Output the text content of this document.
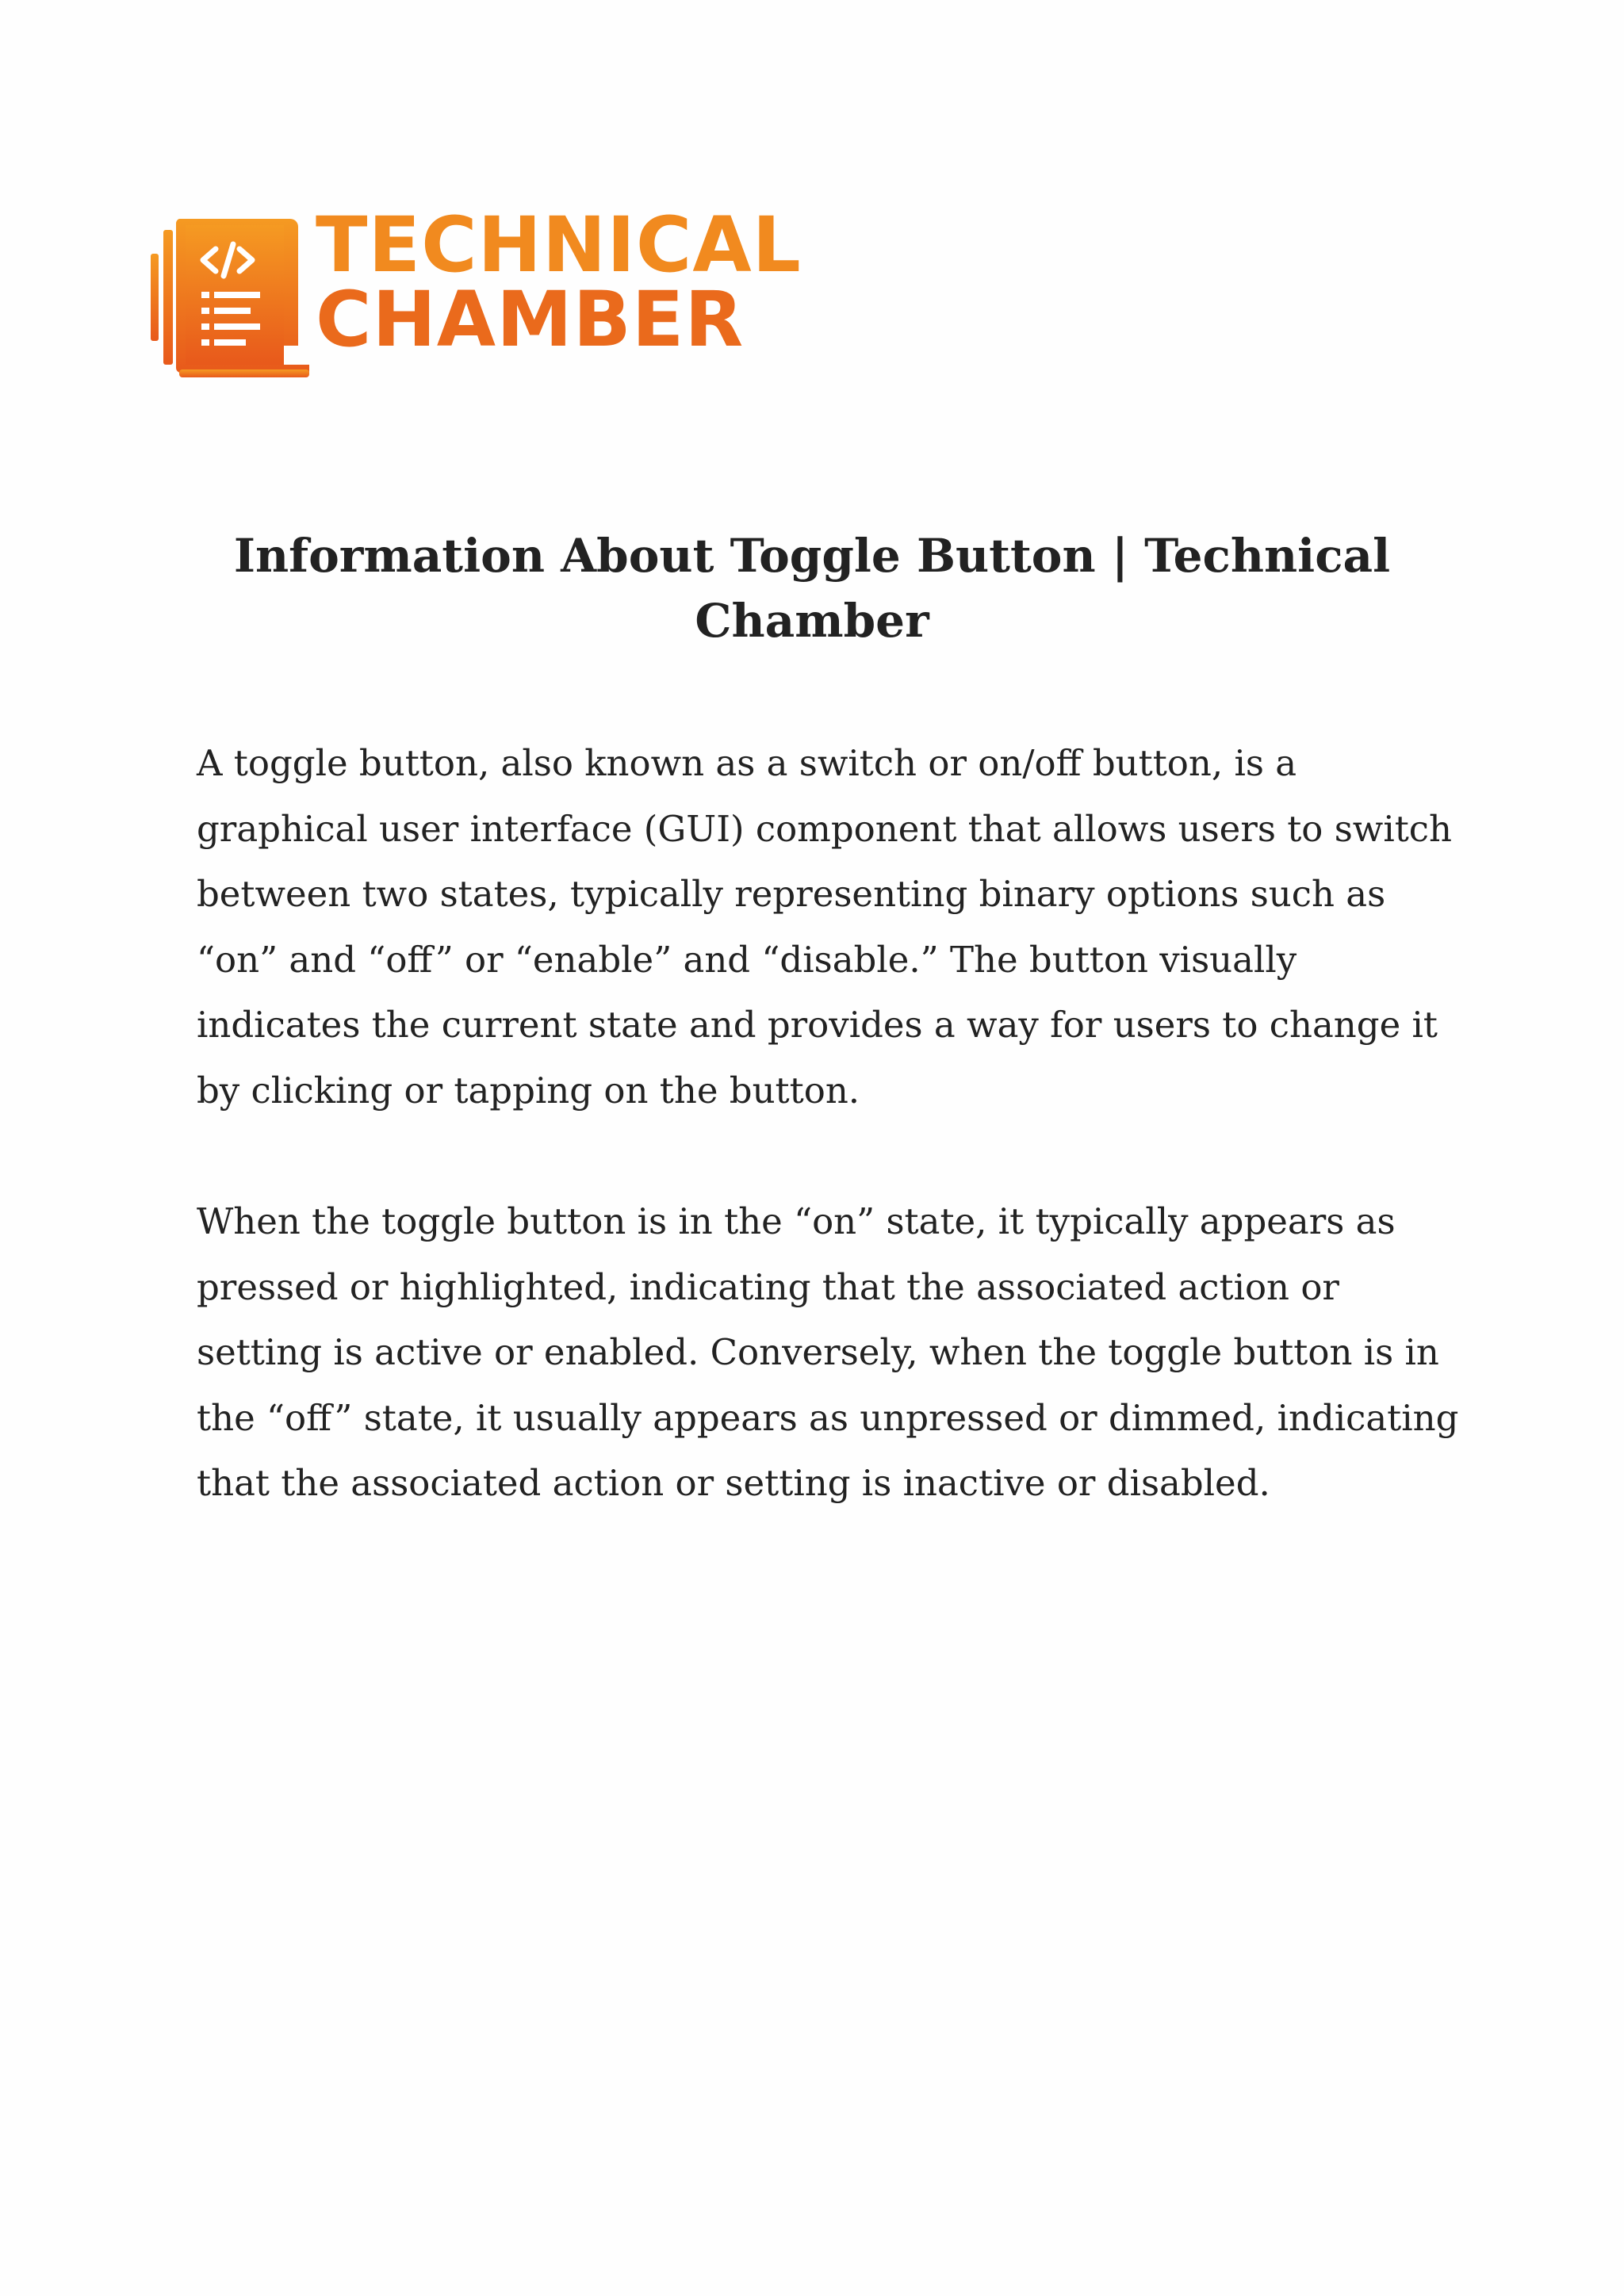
TECHNICAL
CHAMBER
Information About Toggle Button | Technical
Chamber

A toggle button, also known as a switch or on/off button, is a
graphical user interface (GUI) component that allows users to switch
between two states, typically representing binary options such as
“on” and “off” or “enable” and “disable.” The button visually
indicates the current state and provides a way for users to change it
by clicking or tapping on the button.

When the toggle button is in the “on” state, it typically appears as
pressed or highlighted, indicating that the associated action or
setting is active or enabled. Conversely, when the toggle button is in
the “off” state, it usually appears as unpressed or dimmed, indicating
that the associated action or setting is inactive or disabled.
